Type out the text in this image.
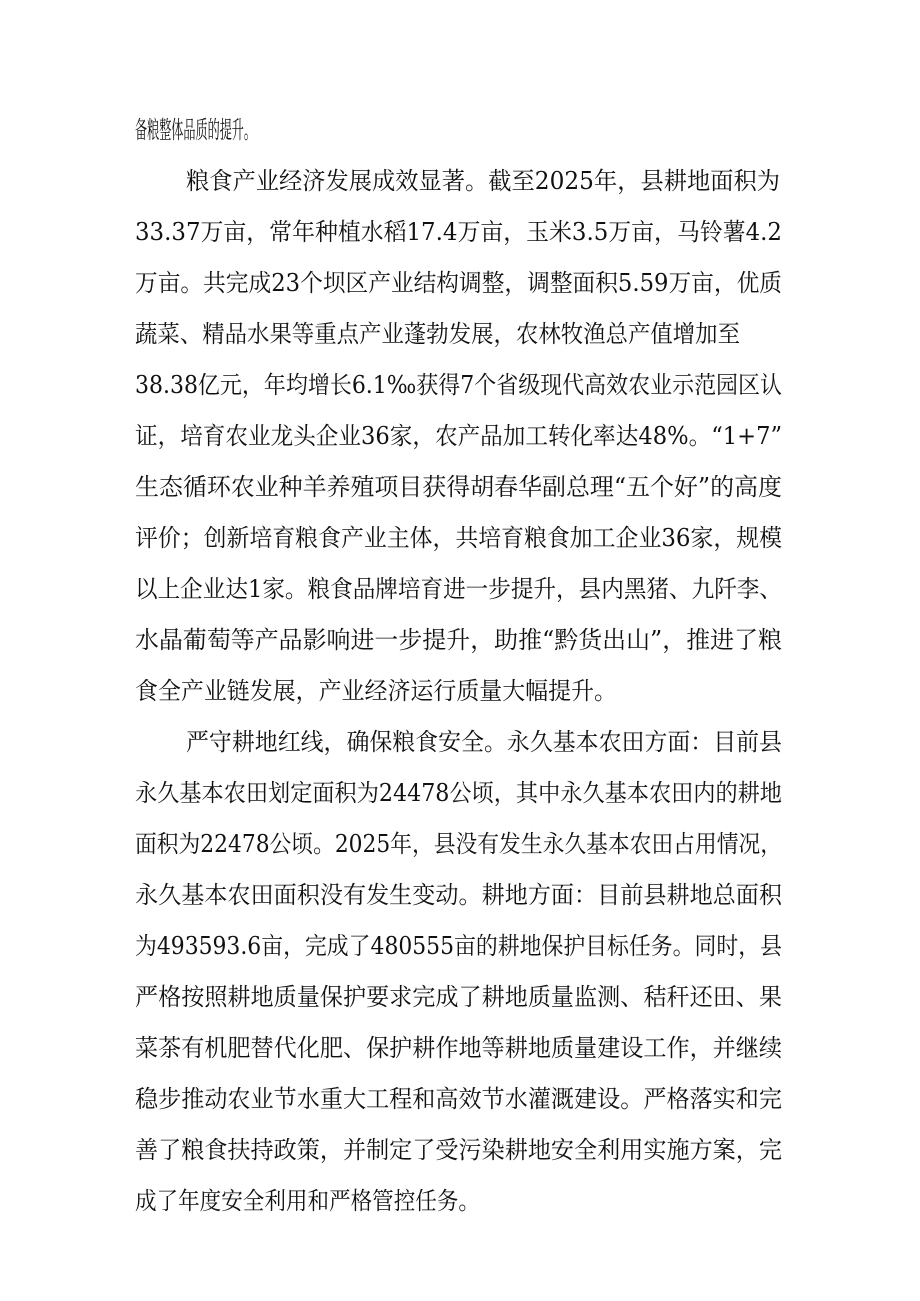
备粮整体品质的提升。
粮食产业经济发展成效显著。截至2025年，县耕地面积为
33.37万亩，常年种植水稻17.4万亩，玉米3.5万亩，马铃薯4.2
万亩。共完成23个坝区产业结构调整，调整面积5.59万亩，优质
蔬菜、精品水果等重点产业蓬勃发展，农林牧渔总产值增加至
38.38亿元，年均增长6.1‰获得7个省级现代高效农业示范园区认
证，培育农业龙头企业36家，农产品加工转化率达48%。“1+7”
生态循环农业种羊养殖项目获得胡春华副总理“五个好”的高度
评价；创新培育粮食产业主体，共培育粮食加工企业36家，规模
以上企业达1家。粮食品牌培育进一步提升，县内黑猪、九阡李、
水晶葡萄等产品影响进一步提升，助推“黔货出山”，推进了粮
食全产业链发展，产业经济运行质量大幅提升。
严守耕地红线，确保粮食安全。永久基本农田方面：目前县
永久基本农田划定面积为24478公顷，其中永久基本农田内的耕地
面积为22478公顷。2025年，县没有发生永久基本农田占用情况，
永久基本农田面积没有发生变动。耕地方面：目前县耕地总面积
为493593.6亩，完成了480555亩的耕地保护目标任务。同时，县
严格按照耕地质量保护要求完成了耕地质量监测、秸秆还田、果
菜茶有机肥替代化肥、保护耕作地等耕地质量建设工作，并继续
稳步推动农业节水重大工程和高效节水灌溉建设。严格落实和完
善了粮食扶持政策，并制定了受污染耕地安全利用实施方案，完
成了年度安全利用和严格管控任务。
